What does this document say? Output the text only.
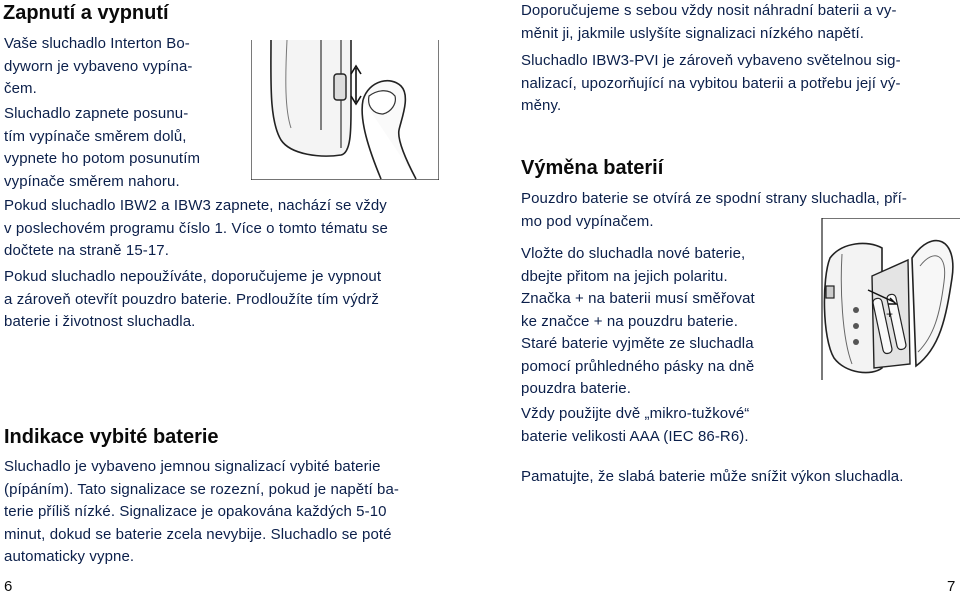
Zapnutí a vypnutí

Vaše sluchadlo Interton Bo-

dyworn je vybaveno vypína-

čem.

Sluchadlo zapnete posunu-

tím vypínače směrem dolů,

vypnete ho potom posunutím

vypínače směrem nahoru.

Pokud sluchadlo IBW2 a IBW3 zapnete, nachází se vždy

v poslechovém programu číslo 1. Více o tomto tématu se

dočtete na straně 15-17.

Pokud sluchadlo nepoužíváte, doporučujeme je vypnout

a zároveň otevřít pouzdro baterie. Prodloužíte tím výdrž

baterie i životnost sluchadla.

Indikace vybité baterie

Sluchadlo je vybaveno jemnou signalizací vybité baterie

(pípáním). Tato signalizace se rozezní, pokud je napětí ba-

terie příliš nízké. Signalizace je opakována každých 5-10

minut, dokud se baterie zcela nevybije. Sluchadlo se poté

automaticky vypne.

6

Doporučujeme s sebou vždy nosit náhradní baterii a vy-

měnit ji, jakmile uslyšíte signalizaci nízkého napětí.

Sluchadlo IBW3-PVI je zároveň vybaveno světelnou sig-

nalizací, upozorňující na vybitou baterii a potřebu její vý-

měny.

Výměna baterií

Pouzdro baterie se otvírá ze spodní strany sluchadla, pří-

mo pod vypínačem.

Vložte do sluchadla nové baterie,

dbejte přitom na jejich polaritu.

Značka + na baterii musí směřovat

ke značce + na pouzdru baterie.

Staré baterie vyjměte ze sluchadla

pomocí průhledného pásky na dně

pouzdra baterie.

+

Vždy použijte dvě „mikro-tužkové“

baterie velikosti AAA (IEC 86-R6).

Pamatujte, že slabá baterie může snížit výkon sluchadla.

7
